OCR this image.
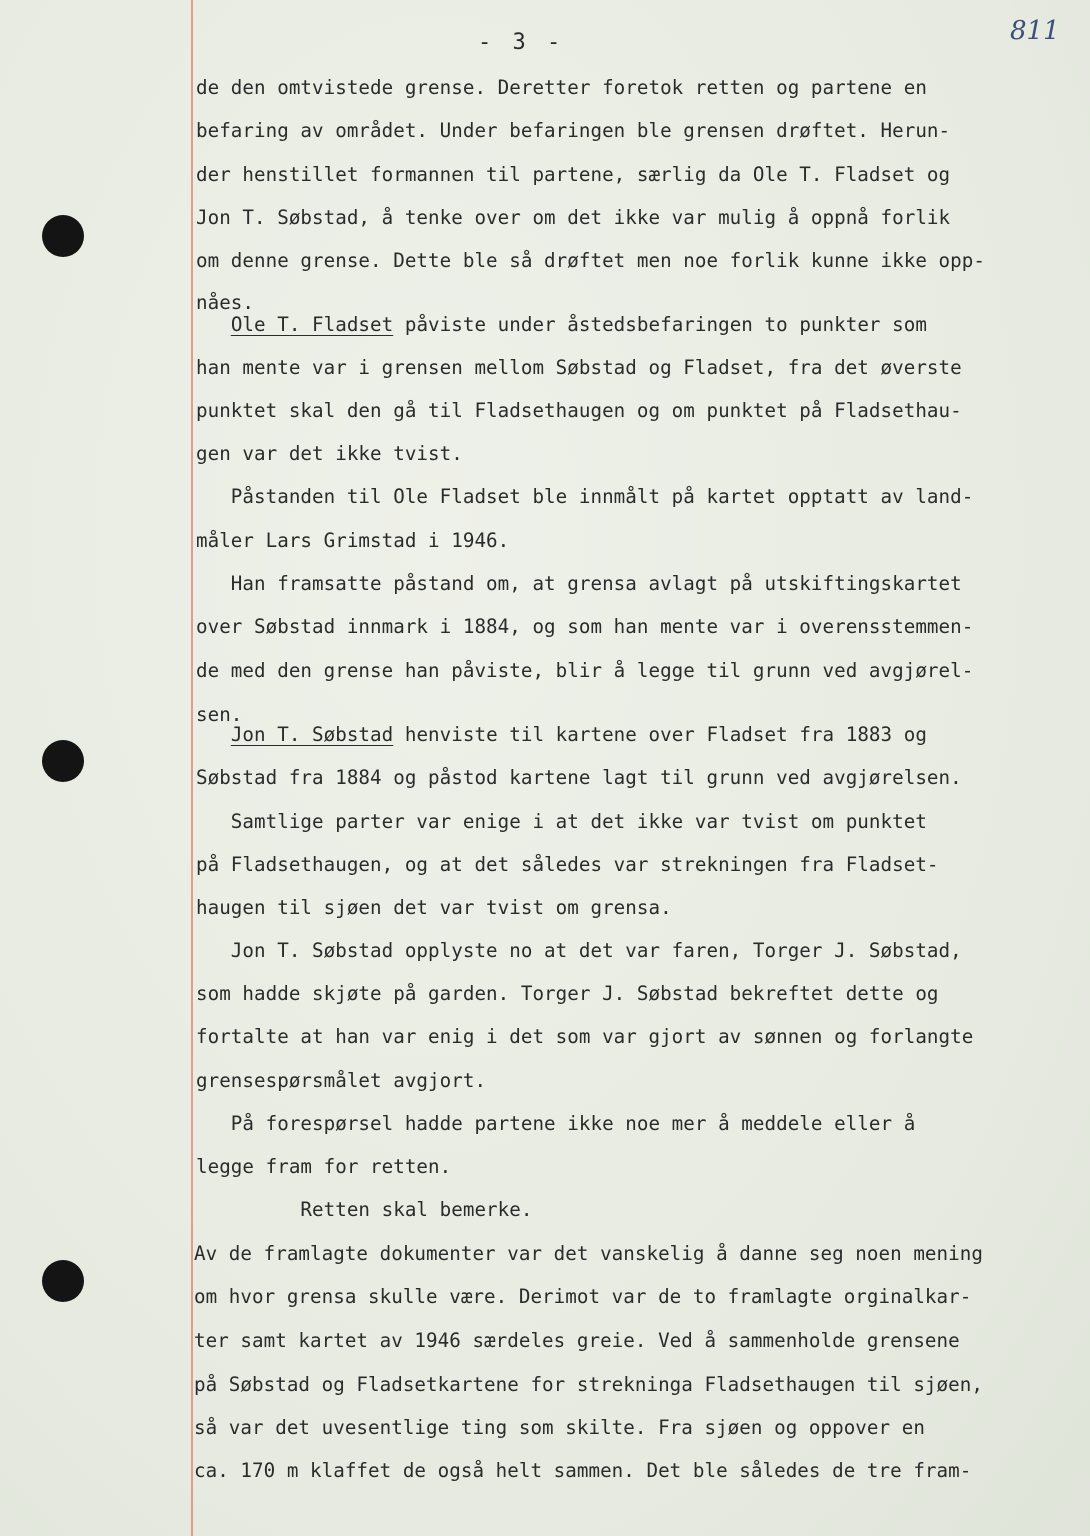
- 3 -	811
de den omtvistede grense. Deretter foretok retten og partene en
befaring av området. Under befaringen ble grensen drøftet. Herun-
der henstillet formannen til partene, særlig da Ole T. Fladset og
Jon T. Søbstad, å tenke over om det ikke var mulig å oppnå forlik
om denne grense. Dette ble så drøftet men noe forlik kunne ikke opp-
nåes.
Ole T. Fladset påviste under åstedsbefaringen to punkter som
han mente var i grensen mellom Søbstad og Fladset, fra det øverste
punktet skal den gå til Fladsethaugen og om punktet på Fladsethau-
gen var det ikke tvist.
Påstanden til Ole Fladset ble innmålt på kartet opptatt av land-
måler Lars Grimstad i 1946.
Han framsatte påstand om, at grensa avlagt på utskiftingskartet
over Søbstad innmark i 1884, og som han mente var i overensstemmen-
de med den grense han påviste, blir å legge til grunn ved avgjørel-
sen.
Jon T. Søbstad henviste til kartene over Fladset fra 1883 og
Søbstad fra 1884 og påstod kartene lagt til grunn ved avgjørelsen.
Samtlige parter var enige i at det ikke var tvist om punktet
på Fladsethaugen, og at det således var strekningen fra Fladset-
haugen til sjøen det var tvist om grensa.
Jon T. Søbstad opplyste no at det var faren, Torger J. Søbstad,
som hadde skjøte på garden. Torger J. Søbstad bekreftet dette og
fortalte at han var enig i det som var gjort av sønnen og forlangte
grensespørsmålet avgjort.
På forespørsel hadde partene ikke noe mer å meddele eller å
legge fram for retten.
Retten skal bemerke.
Av de framlagte dokumenter var det vanskelig å danne seg noen mening
om hvor grensa skulle være. Derimot var de to framlagte orginalkar-
ter samt kartet av 1946 særdeles greie. Ved å sammenholde grensene
på Søbstad og Fladsetkartene for strekninga Fladsethaugen til sjøen,
så var det uvesentlige ting som skilte. Fra sjøen og oppover en
ca. 170 m klaffet de også helt sammen. Det ble således de tre fram-
